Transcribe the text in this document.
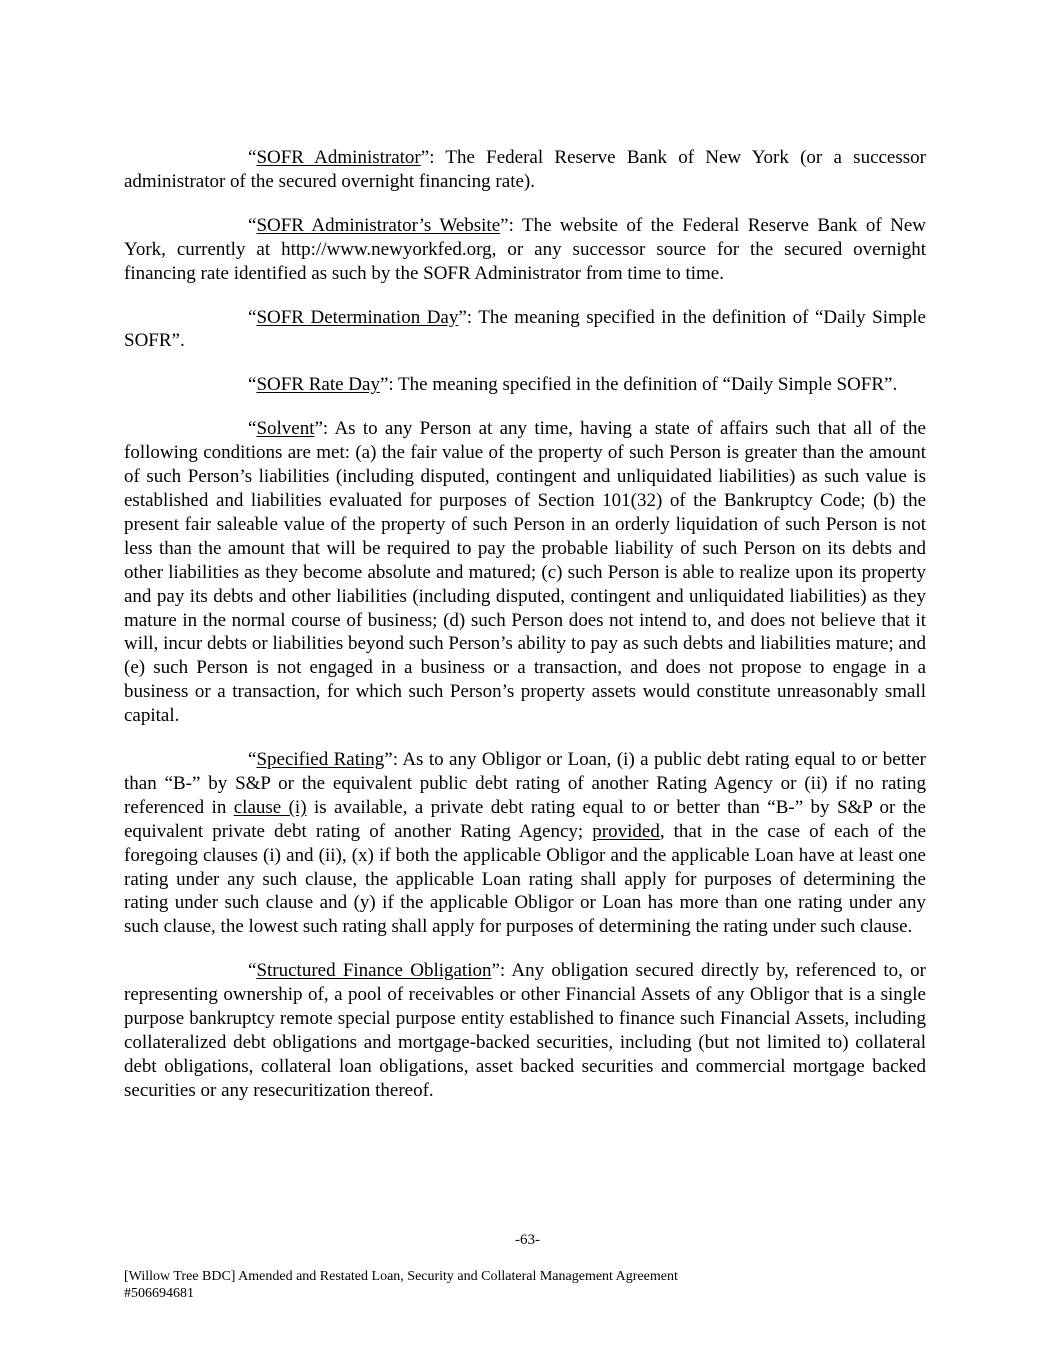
“SOFR Administrator”: The Federal Reserve Bank of New York (or a successor administrator of the secured overnight financing rate).

“SOFR Administrator’s Website”: The website of the Federal Reserve Bank of New York, currently at http://www.newyorkfed.org, or any successor source for the secured overnight financing rate identified as such by the SOFR Administrator from time to time.

“SOFR Determination Day”: The meaning specified in the definition of “Daily Simple SOFR”.

“SOFR Rate Day”: The meaning specified in the definition of “Daily Simple SOFR”.

“Solvent”: As to any Person at any time, having a state of affairs such that all of the following conditions are met: (a) the fair value of the property of such Person is greater than the amount of such Person’s liabilities (including disputed, contingent and unliquidated liabilities) as such value is established and liabilities evaluated for purposes of Section 101(32) of the Bankruptcy Code; (b) the present fair saleable value of the property of such Person in an orderly liquidation of such Person is not less than the amount that will be required to pay the probable liability of such Person on its debts and other liabilities as they become absolute and matured; (c) such Person is able to realize upon its property and pay its debts and other liabilities (including disputed, contingent and unliquidated liabilities) as they mature in the normal course of business; (d) such Person does not intend to, and does not believe that it will, incur debts or liabilities beyond such Person’s ability to pay as such debts and liabilities mature; and (e) such Person is not engaged in a business or a transaction, and does not propose to engage in a business or a transaction, for which such Person’s property assets would constitute unreasonably small capital.

“Specified Rating”: As to any Obligor or Loan, (i) a public debt rating equal to or better than “B-” by S&P or the equivalent public debt rating of another Rating Agency or (ii) if no rating referenced in clause (i) is available, a private debt rating equal to or better than “B-” by S&P or the equivalent private debt rating of another Rating Agency; provided, that in the case of each of the foregoing clauses (i) and (ii), (x) if both the applicable Obligor and the applicable Loan have at least one rating under any such clause, the applicable Loan rating shall apply for purposes of determining the rating under such clause and (y) if the applicable Obligor or Loan has more than one rating under any such clause, the lowest such rating shall apply for purposes of determining the rating under such clause.

“Structured Finance Obligation”: Any obligation secured directly by, referenced to, or representing ownership of, a pool of receivables or other Financial Assets of any Obligor that is a single purpose bankruptcy remote special purpose entity established to finance such Financial Assets, including collateralized debt obligations and mortgage-backed securities, including (but not limited to) collateral debt obligations, collateral loan obligations, asset backed securities and commercial mortgage backed securities or any resecuritization thereof.

-63-
[Willow Tree BDC] Amended and Restated Loan, Security and Collateral Management Agreement
#506694681
